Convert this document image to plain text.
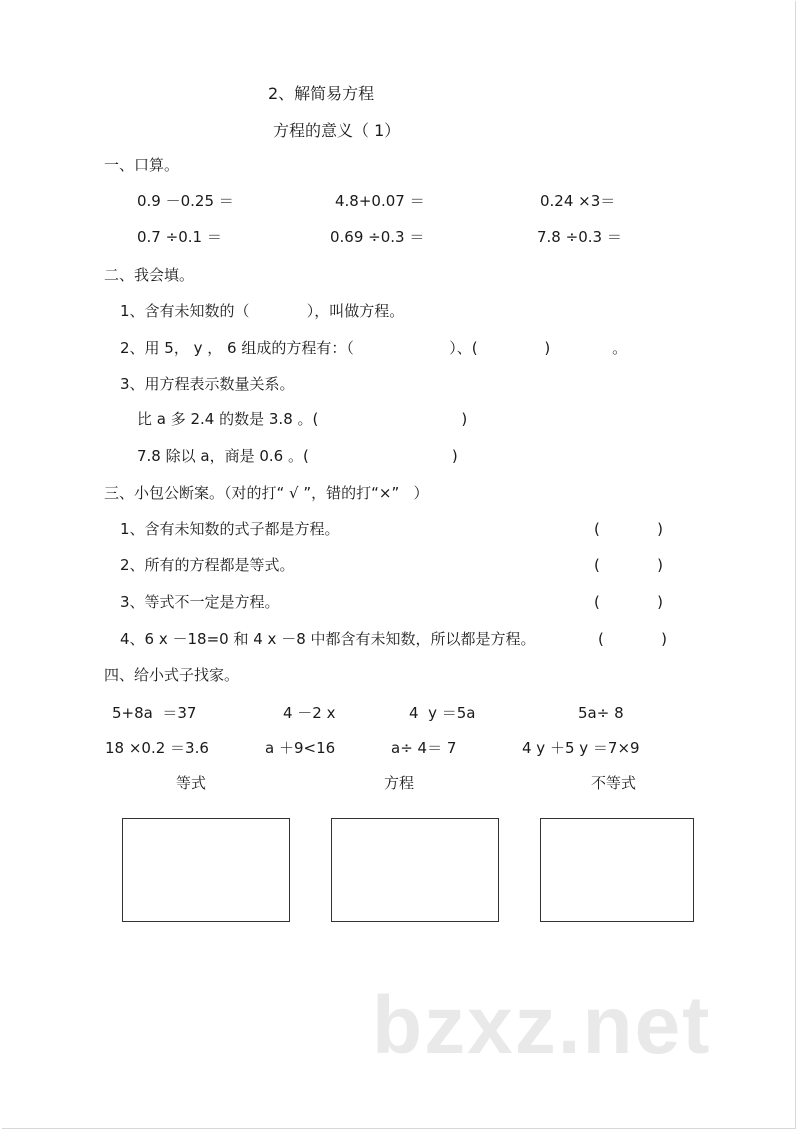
2、解简易方程
方程的意义（ 1）
一、口算。
0.9 －0.25 ＝	4.8+0.07 ＝	0.24 ×3＝
0.7 ÷0.1 ＝	0.69 ÷0.3 ＝	7.8 ÷0.3 ＝
二、我会填。
1、含有未知数的（            ），叫做方程。
2、用 5， y ， 6 组成的方程有：（                    ）、(              )             。
3、用方程表示数量关系。
比 a 多 2.4 的数是 3.8 。(                              )
7.8 除以 a，商是 0.6 。(                              )
三、小包公断案。（对的打“ √ ”，错的打“×”   ）
1、含有未知数的式子都是方程。	(            )
2、所有的方程都是等式。	(            )
3、等式不一定是方程。	(            )
4、6 x －18=0 和 4 x －8 中都含有未知数，所以都是方程。	(            )
四、给小式子找家。
5+8a  ＝37	4 －2 x	4  y ＝5a	5a÷ 8
18 ×0.2 ＝3.6	a ＋9<16	a÷ 4＝ 7	4 y ＋5 y ＝7×9
等式	方程	不等式
bzxz.net
